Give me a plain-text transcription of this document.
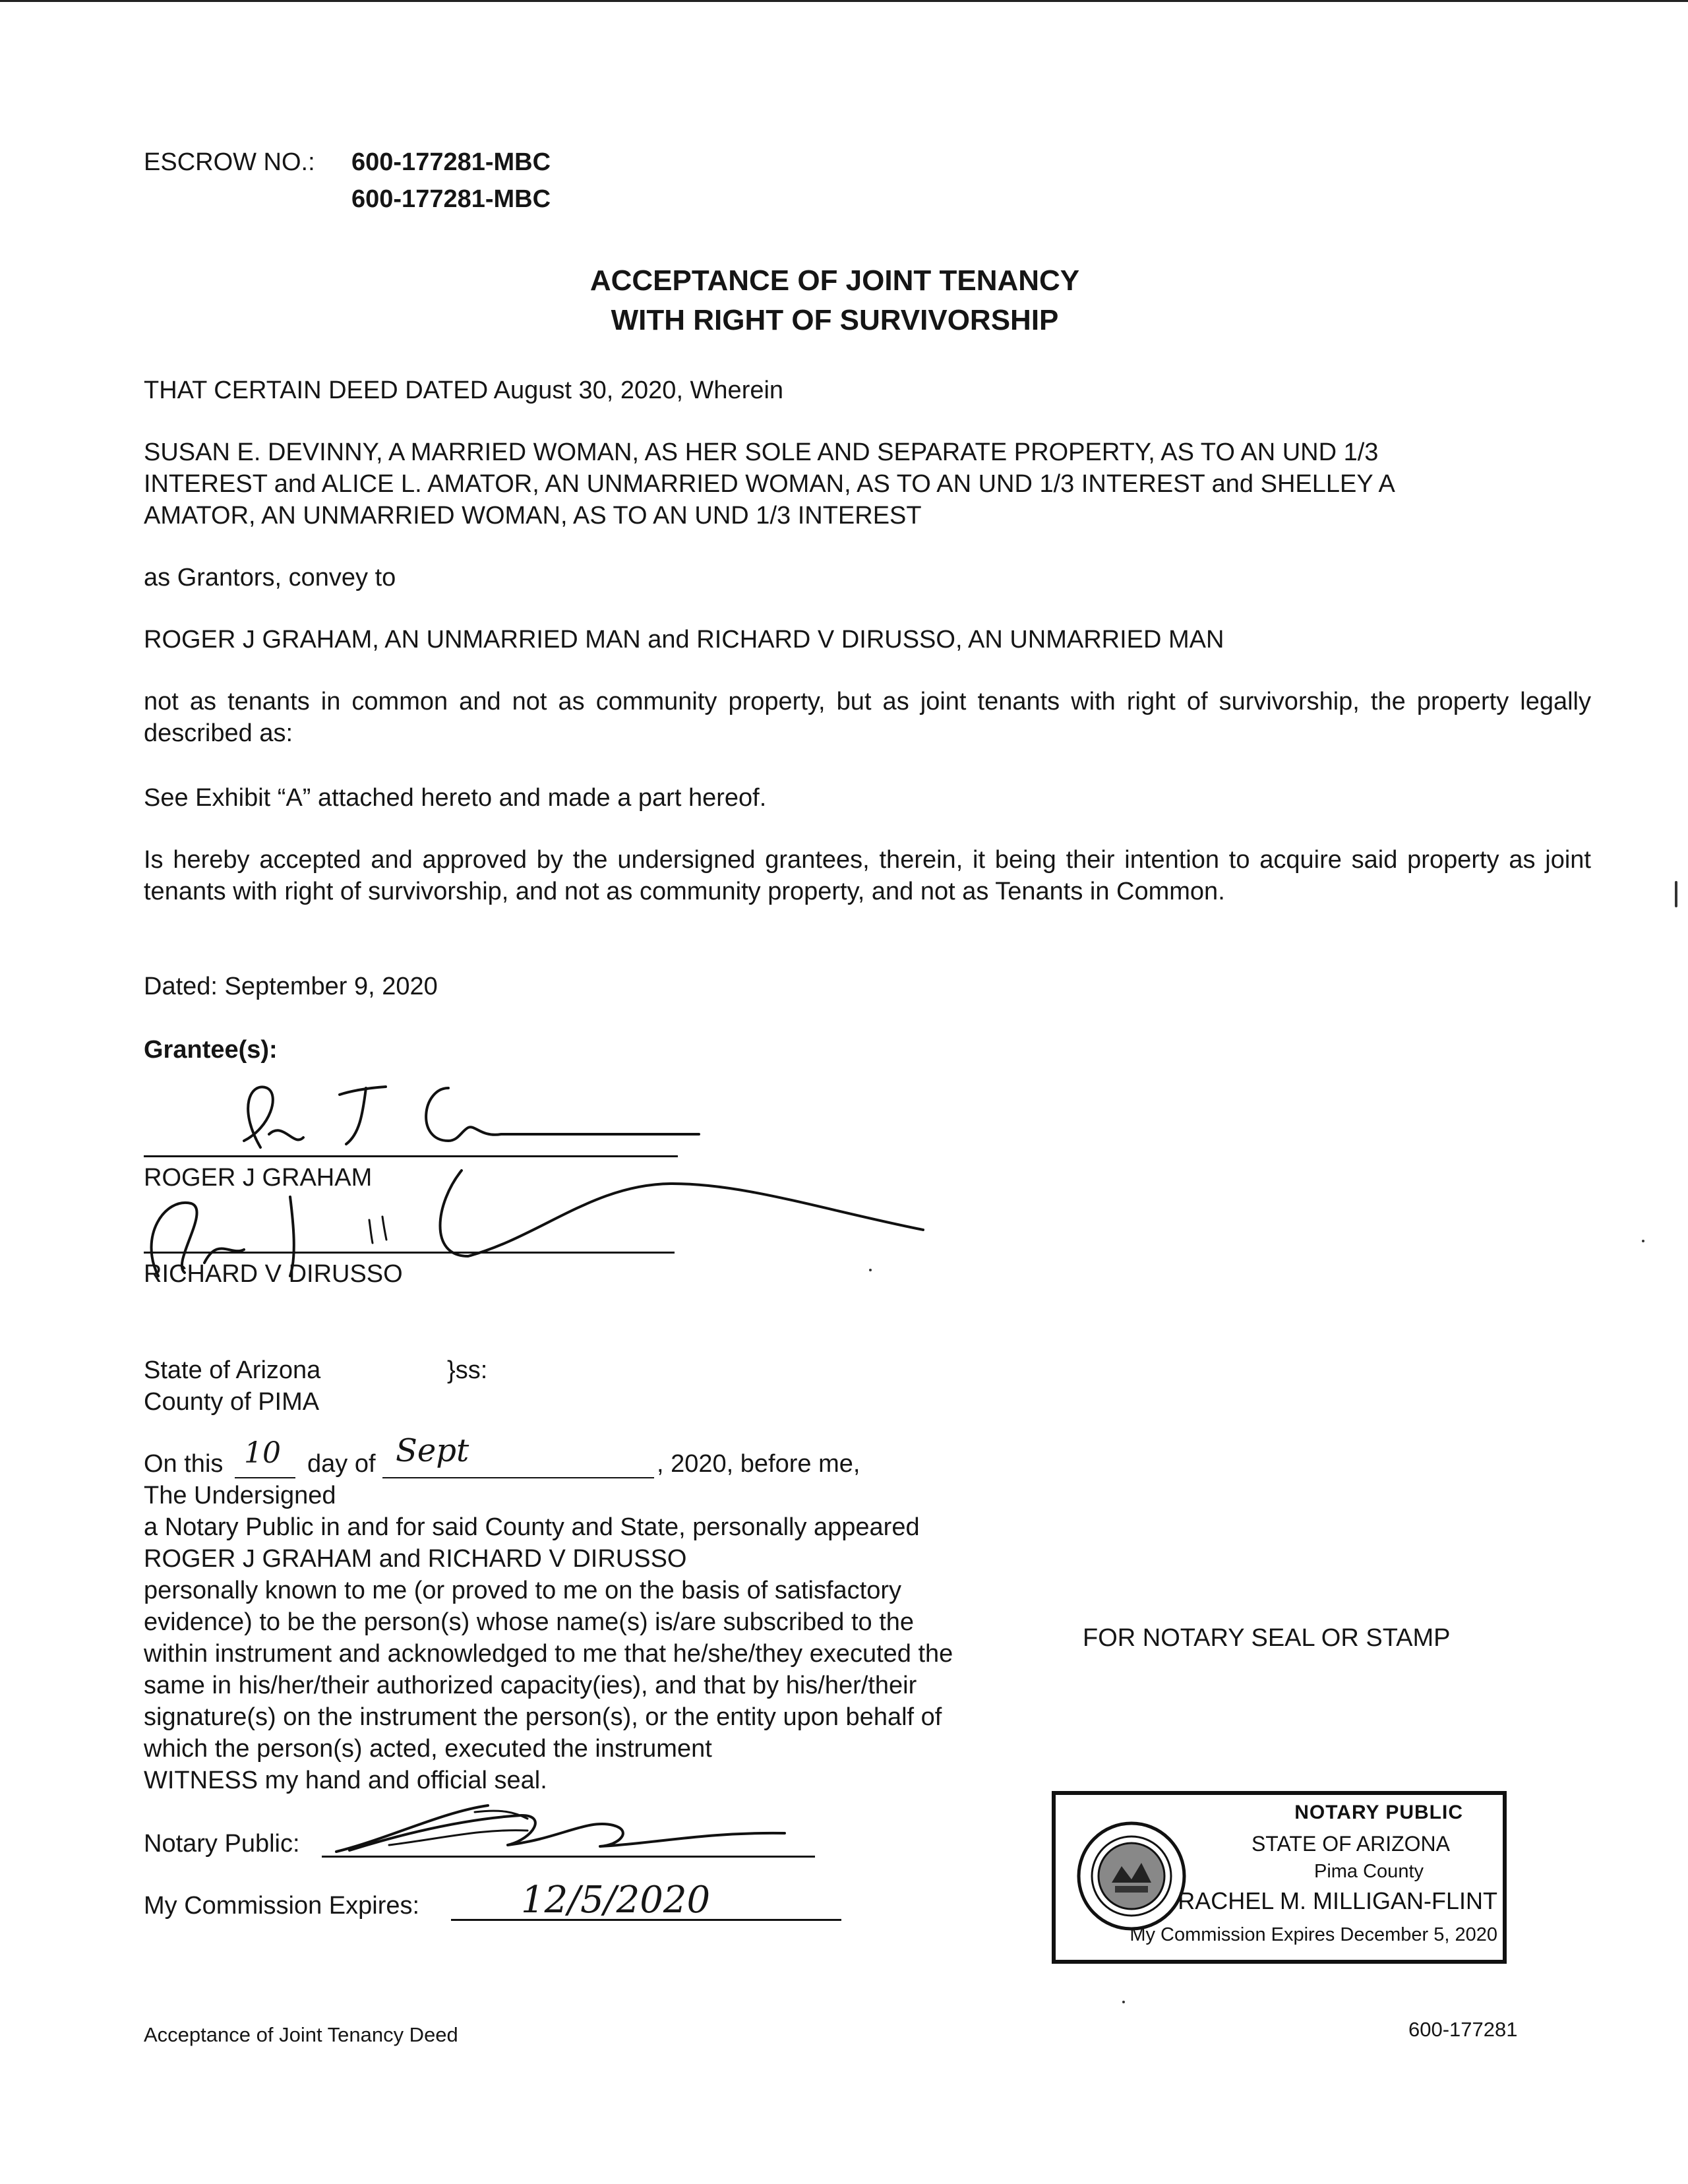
ESCROW NO.: 600-177281-MBC
600-177281-MBC
ACCEPTANCE OF JOINT TENANCY
WITH RIGHT OF SURVIVORSHIP
THAT CERTAIN DEED DATED August 30, 2020, Wherein
SUSAN E. DEVINNY, A MARRIED WOMAN, AS HER SOLE AND SEPARATE PROPERTY, AS TO AN UND 1/3
INTEREST and ALICE L. AMATOR, AN UNMARRIED WOMAN, AS TO AN UND 1/3 INTEREST and SHELLEY A
AMATOR, AN UNMARRIED WOMAN, AS TO AN UND 1/3 INTEREST
as Grantors, convey to
ROGER J GRAHAM, AN UNMARRIED MAN and RICHARD V DIRUSSO, AN UNMARRIED MAN
not as tenants in common and not as community property, but as joint tenants with right of survivorship, the property legally described as:
See Exhibit “A” attached hereto and made a part hereof.
Is hereby accepted and approved by the undersigned grantees, therein, it being their intention to acquire said property as joint tenants with right of survivorship, and not as community property, and not as Tenants in Common.
Dated: September 9, 2020
Grantee(s):
ROGER J GRAHAM
RICHARD V DIRUSSO
State of Arizona	}ss:
County of PIMA
On this 10 day of Sept	, 2020, before me,
The Undersigned
a Notary Public in and for said County and State, personally appeared
ROGER J GRAHAM and RICHARD V DIRUSSO
personally known to me (or proved to me on the basis of satisfactory
evidence) to be the person(s) whose name(s) is/are subscribed to the
within instrument and acknowledged to me that he/she/they executed the
same in his/her/their authorized capacity(ies), and that by his/her/their
signature(s) on the instrument the person(s), or the entity upon behalf of
which the person(s) acted, executed the instrument
WITNESS my hand and official seal.
FOR NOTARY SEAL OR STAMP
Notary Public:
My Commission Expires:	12/5/2020
NOTARY PUBLIC
STATE OF ARIZONA
Pima County
RACHEL M. MILLIGAN-FLINT
My Commission Expires December 5, 2020
Acceptance of Joint Tenancy Deed	600-177281
